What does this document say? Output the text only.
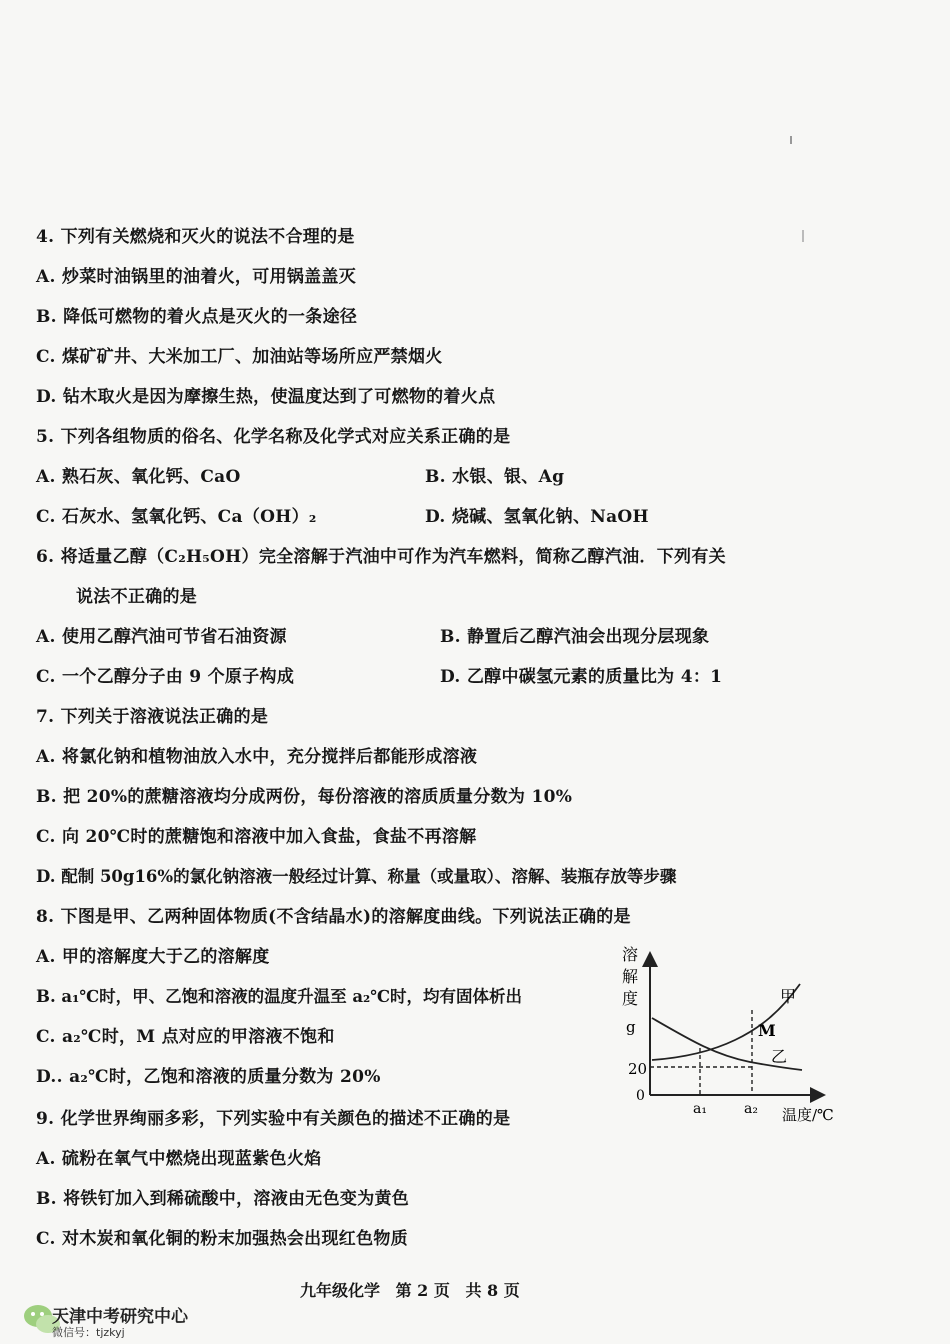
4. 下列有关燃烧和灭火的说法不合理的是
A. 炒菜时油锅里的油着火，可用锅盖盖灭
B. 降低可燃物的着火点是灭火的一条途径
C. 煤矿矿井、大米加工厂、加油站等场所应严禁烟火
D. 钻木取火是因为摩擦生热，使温度达到了可燃物的着火点
5. 下列各组物质的俗名、化学名称及化学式对应关系正确的是
A. 熟石灰、氧化钙、CaO	B. 水银、银、Ag
C. 石灰水、氢氧化钙、Ca（OH）₂	D. 烧碱、氢氧化钠、NaOH
6. 将适量乙醇（C₂H₅OH）完全溶解于汽油中可作为汽车燃料，简称乙醇汽油．下列有关
说法不正确的是
A. 使用乙醇汽油可节省石油资源	B. 静置后乙醇汽油会出现分层现象
C. 一个乙醇分子由 9 个原子构成	D. 乙醇中碳氢元素的质量比为 4：1
7. 下列关于溶液说法正确的是
A. 将氯化钠和植物油放入水中，充分搅拌后都能形成溶液
B. 把 20%的蔗糖溶液均分成两份，每份溶液的溶质质量分数为 10%
C. 向 20℃时的蔗糖饱和溶液中加入食盐，食盐不再溶解
D. 配制 50g16%的氯化钠溶液一般经过计算、称量（或量取）、溶解、装瓶存放等步骤
8. 下图是甲、乙两种固体物质(不含结晶水)的溶解度曲线。下列说法正确的是
A. 甲的溶解度大于乙的溶解度
B. a₁℃时，甲、乙饱和溶液的温度升温至 a₂℃时，均有固体析出
C. a₂℃时，M 点对应的甲溶液不饱和
D.. a₂℃时，乙饱和溶液的质量分数为 20%
溶
解
度
g
20
0
a₁	a₂ 温度/℃
甲
乙
M
9. 化学世界绚丽多彩，下列实验中有关颜色的描述不正确的是
A. 硫粉在氧气中燃烧出现蓝紫色火焰
B. 将铁钉加入到稀硫酸中，溶液由无色变为黄色
C. 对木炭和氧化铜的粉末加强热会出现红色物质
九年级化学 第 2 页 共 8 页
天津中考研究中心
微信号：tjzkyj
